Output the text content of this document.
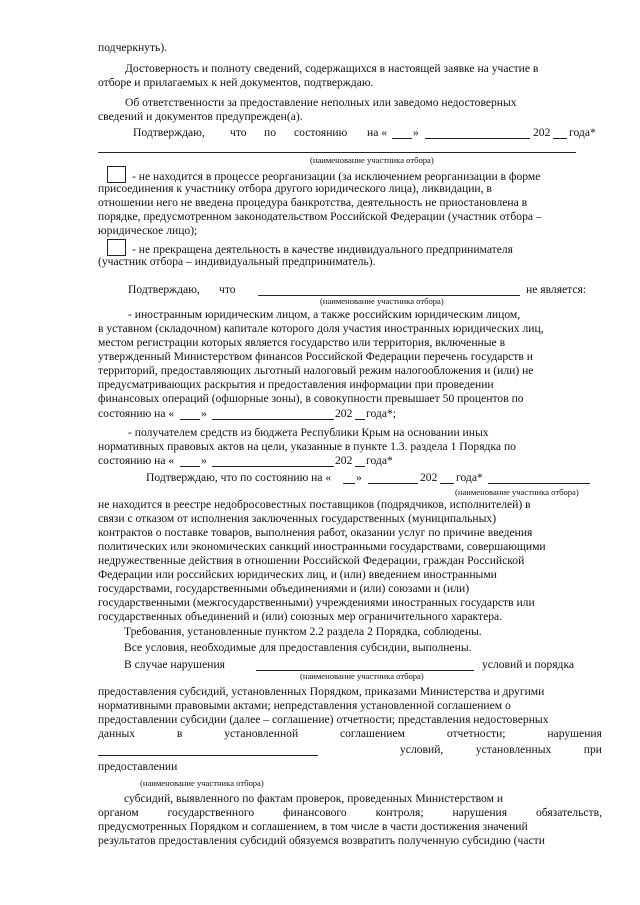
подчеркнуть).
Достоверность и полноту сведений, содержащихся в настоящей заявке на участие в
отборе и прилагаемых к ней документов, подтверждаю.
Об ответственности за предоставление неполных или заведомо недостоверных
сведений и документов предупрежден(а).
Подтверждаю, что по состоянию на « »	202 года*
(наименование участника отбора)
- не находится в процессе реорганизации (за исключением реорганизации в форме
присоединения к участнику отбора другого юридического лица), ликвидации, в
отношении него не введена процедура банкротства, деятельность не приостановлена в
порядке, предусмотренном законодательством Российской Федерации (участник отбора –
юридическое лицо);
- не прекращена деятельность в качестве индивидуального предпринимателя
(участник отбора – индивидуальный предприниматель).
Подтверждаю, что	не является:
(наименование участника отбора)
- иностранным юридическим лицом, а также российским юридическим лицом,
в уставном (складочном) капитале которого доля участия иностранных юридических лиц,
местом регистрации которых является государство или территория, включенные в
утвержденный Министерством финансов Российской Федерации перечень государств и
территорий, предоставляющих льготный налоговый режим налогообложения и (или) не
предусматривающих раскрытия и предоставления информации при проведении
финансовых операций (офшорные зоны), в совокупности превышает 50 процентов по
состоянию на « »	202 года*;
- получателем средств из бюджета Республики Крым на основании иных
нормативных правовых актов на цели, указанные в пункте 1.3. раздела 1 Порядка по
состоянию на « »	202 года*
Подтверждаю, что по состоянию на « »	202 года*
(наименование участника отбора)
не находится в реестре недобросовестных поставщиков (подрядчиков, исполнителей) в
связи с отказом от исполнения заключенных государственных (муниципальных)
контрактов о поставке товаров, выполнения работ, оказании услуг по причине введения
политических или экономических санкций иностранными государствами, совершающими
недружественные действия в отношении Российской Федерации, граждан Российской
Федерации или российских юридических лиц, и (или) введением иностранными
государствами, государственными объединениями и (или) союзами и (или)
государственными (межгосударственными) учреждениями иностранных государств или
государственных объединений и (или) союзных мер ограничительного характера.
Требования, установленные пунктом 2.2 раздела 2 Порядка, соблюдены.
Все условия, необходимые для предоставления субсидии, выполнены.
В случае нарушения	условий и порядка
(наименование участника отбора)
предоставления субсидий, установленных Порядком, приказами Министерства и другими
нормативными правовыми актами; непредставления установленной соглашением о
предоставлении субсидии (далее – соглашение) отчетности; представления недостоверных
данных	в	установленной	соглашением	отчетности;	нарушения
условий,	установленных	при
предоставлении
(наименование участника отбора)
субсидий, выявленного по фактам проверок, проведенных Министерством и
органом государственного финансового контроля; нарушения обязательств,
предусмотренных Порядком и соглашением, в том числе в части достижения значений
результатов предоставления субсидий обязуемся возвратить полученную субсидию (части
